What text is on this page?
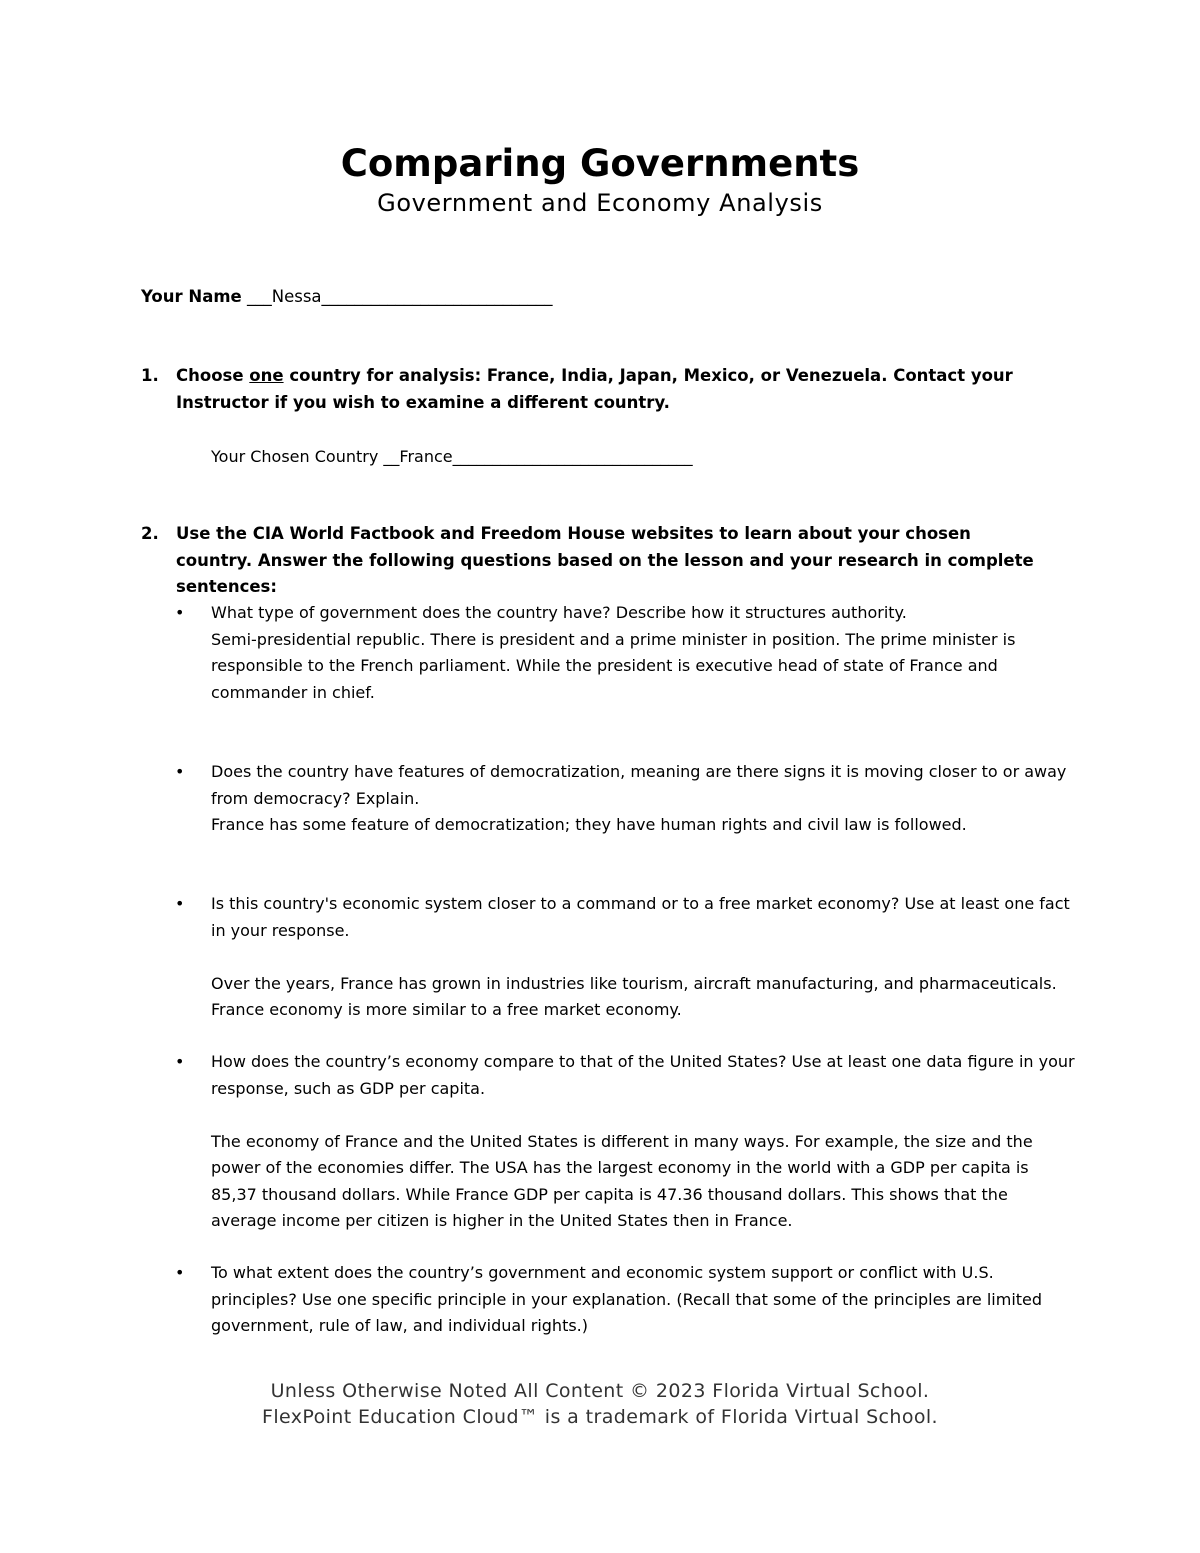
Comparing Governments
Government and Economy Analysis
Your Name ___Nessa____________________________
1. Choose one country for analysis: France, India, Japan, Mexico, or Venezuela. Contact your Instructor if you wish to examine a different country.
Your Chosen Country __France______________________________
2. Use the CIA World Factbook and Freedom House websites to learn about your chosen country. Answer the following questions based on the lesson and your research in complete sentences:
• What type of government does the country have? Describe how it structures authority.

Semi-presidential republic. There is president and a prime minister in position. The prime minister is responsible to the French parliament. While the president is executive head of state of France and commander in chief.

• Does the country have features of democratization, meaning are there signs it is moving closer to or away from democracy? Explain.

France has some feature of democratization; they have human rights and civil law is followed.

• Is this country's economic system closer to a command or to a free market economy? Use at least one fact in your response.

Over the years, France has grown in industries like tourism, aircraft manufacturing, and pharmaceuticals. France economy is more similar to a free market economy.

• How does the country’s economy compare to that of the United States? Use at least one data figure in your response, such as GDP per capita.

The economy of France and the United States is different in many ways. For example, the size and the power of the economies differ. The USA has the largest economy in the world with a GDP per capita is 85,37 thousand dollars. While France GDP per capita is 47.36 thousand dollars. This shows that the average income per citizen is higher in the United States then in France.

• To what extent does the country’s government and economic system support or conflict with U.S. principles? Use one specific principle in your explanation. (Recall that some of the principles are limited government, rule of law, and individual rights.)

Unless Otherwise Noted All Content © 2023 Florida Virtual School.
FlexPoint Education Cloud™ is a trademark of Florida Virtual School.
